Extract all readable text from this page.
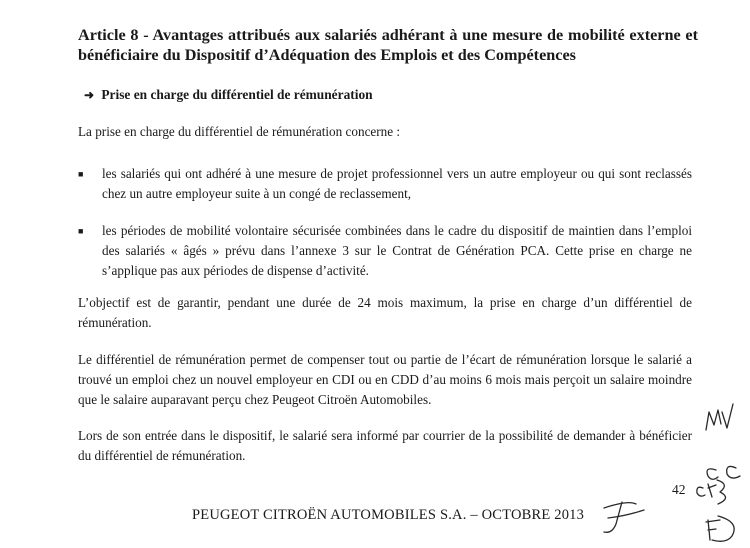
Article 8 - Avantages attribués aux salariés adhérant à une mesure de mobilité externe et bénéficiaire du Dispositif d’Adéquation des Emplois et des Compétences
➜ Prise en charge du différentiel de rémunération
La prise en charge du différentiel de rémunération concerne :
■	les salariés qui ont adhéré à une mesure de projet professionnel vers un autre employeur ou qui sont reclassés chez un autre employeur suite à un congé de reclassement,
■	les périodes de mobilité volontaire sécurisée combinées dans le cadre du dispositif de maintien dans l’emploi des salariés « âgés » prévu dans l’annexe 3 sur le Contrat de Génération PCA. Cette prise en charge ne s’applique pas aux périodes de dispense d’activité.
L’objectif est de garantir, pendant une durée de 24 mois maximum, la prise en charge d’un différentiel de rémunération.
Le différentiel de rémunération permet de compenser tout ou partie de l’écart de rémunération lorsque le salarié a trouvé un emploi chez un nouvel employeur en CDI ou en CDD d’au moins 6 mois mais perçoit un salaire moindre que le salaire auparavant perçu chez Peugeot Citroën Automobiles.
Lors de son entrée dans le dispositif, le salarié sera informé par courrier de la possibilité de demander à bénéficier du différentiel de rémunération.
42
PEUGEOT CITROËN AUTOMOBILES S.A. – OCTOBRE 2013
